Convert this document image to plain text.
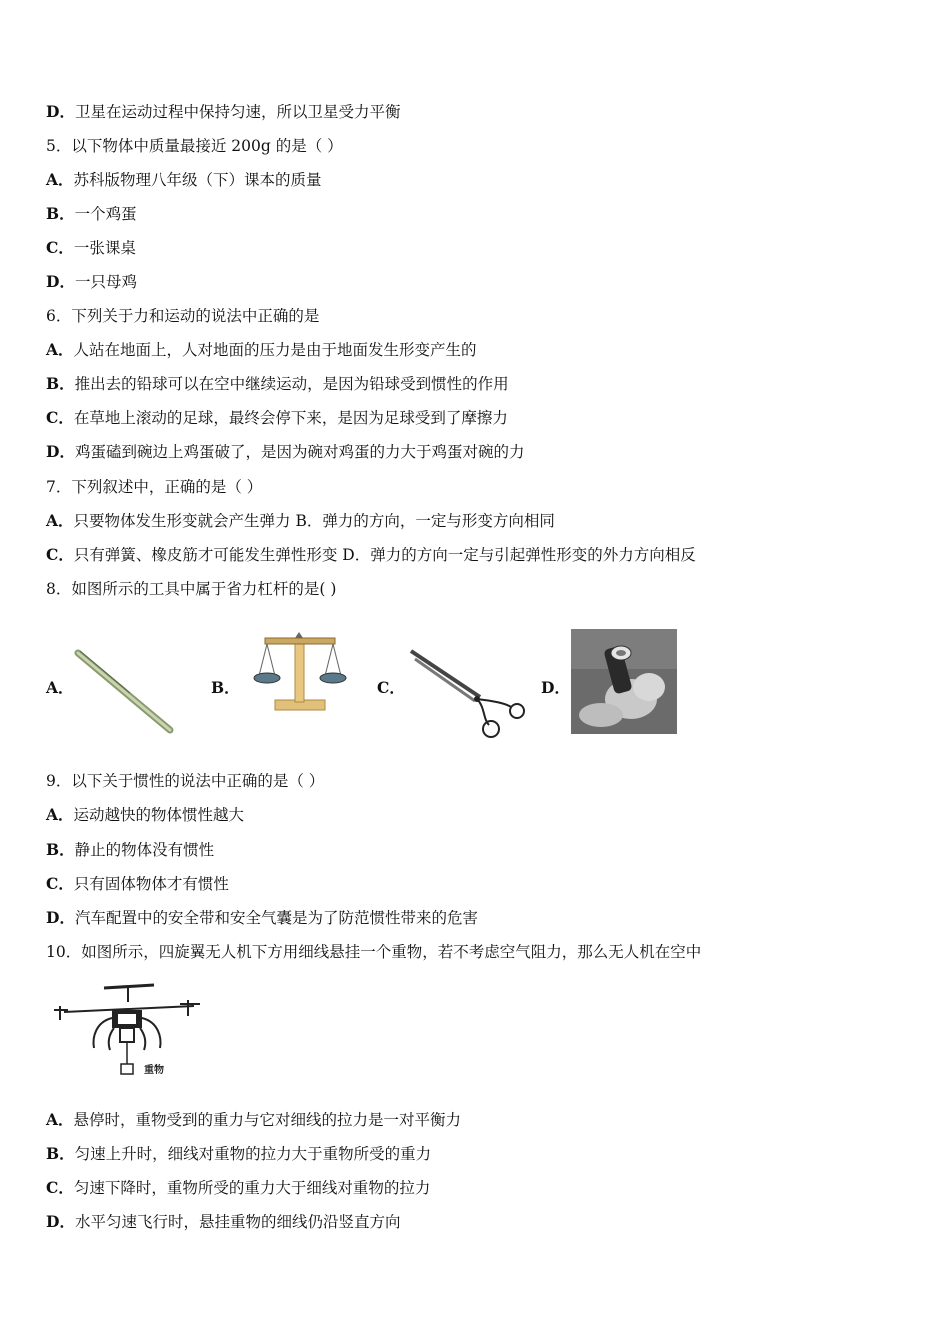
D．卫星在运动过程中保持匀速，所以卫星受力平衡
5．以下物体中质量最接近 200g 的是（ ）
A．苏科版物理八年级（下）课本的质量
B．一个鸡蛋
C．一张课桌
D．一只母鸡
6．下列关于力和运动的说法中正确的是
A．人站在地面上，人对地面的压力是由于地面发生形变产生的
B．推出去的铅球可以在空中继续运动，是因为铅球受到惯性的作用
C．在草地上滚动的足球，最终会停下来，是因为足球受到了摩擦力
D．鸡蛋磕到碗边上鸡蛋破了，是因为碗对鸡蛋的力大于鸡蛋对碗的力
7．下列叙述中，正确的是（ ）
A．只要物体发生形变就会产生弹力 B．弹力的方向，一定与形变方向相同
C．只有弹簧、橡皮筋才可能发生弹性形变 D．弹力的方向一定与引起弹性形变的外力方向相反
8．如图所示的工具中属于省力杠杆的是( )
A．	B．	C．	D．
9．以下关于惯性的说法中正确的是（ ）
A．运动越快的物体惯性越大
B．静止的物体没有惯性
C．只有固体物体才有惯性
D．汽车配置中的安全带和安全气囊是为了防范惯性带来的危害
10．如图所示，四旋翼无人机下方用细线悬挂一个重物，若不考虑空气阻力，那么无人机在空中
重物
A．悬停时，重物受到的重力与它对细线的拉力是一对平衡力
B．匀速上升时，细线对重物的拉力大于重物所受的重力
C．匀速下降时，重物所受的重力大于细线对重物的拉力
D．水平匀速飞行时，悬挂重物的细线仍沿竖直方向
